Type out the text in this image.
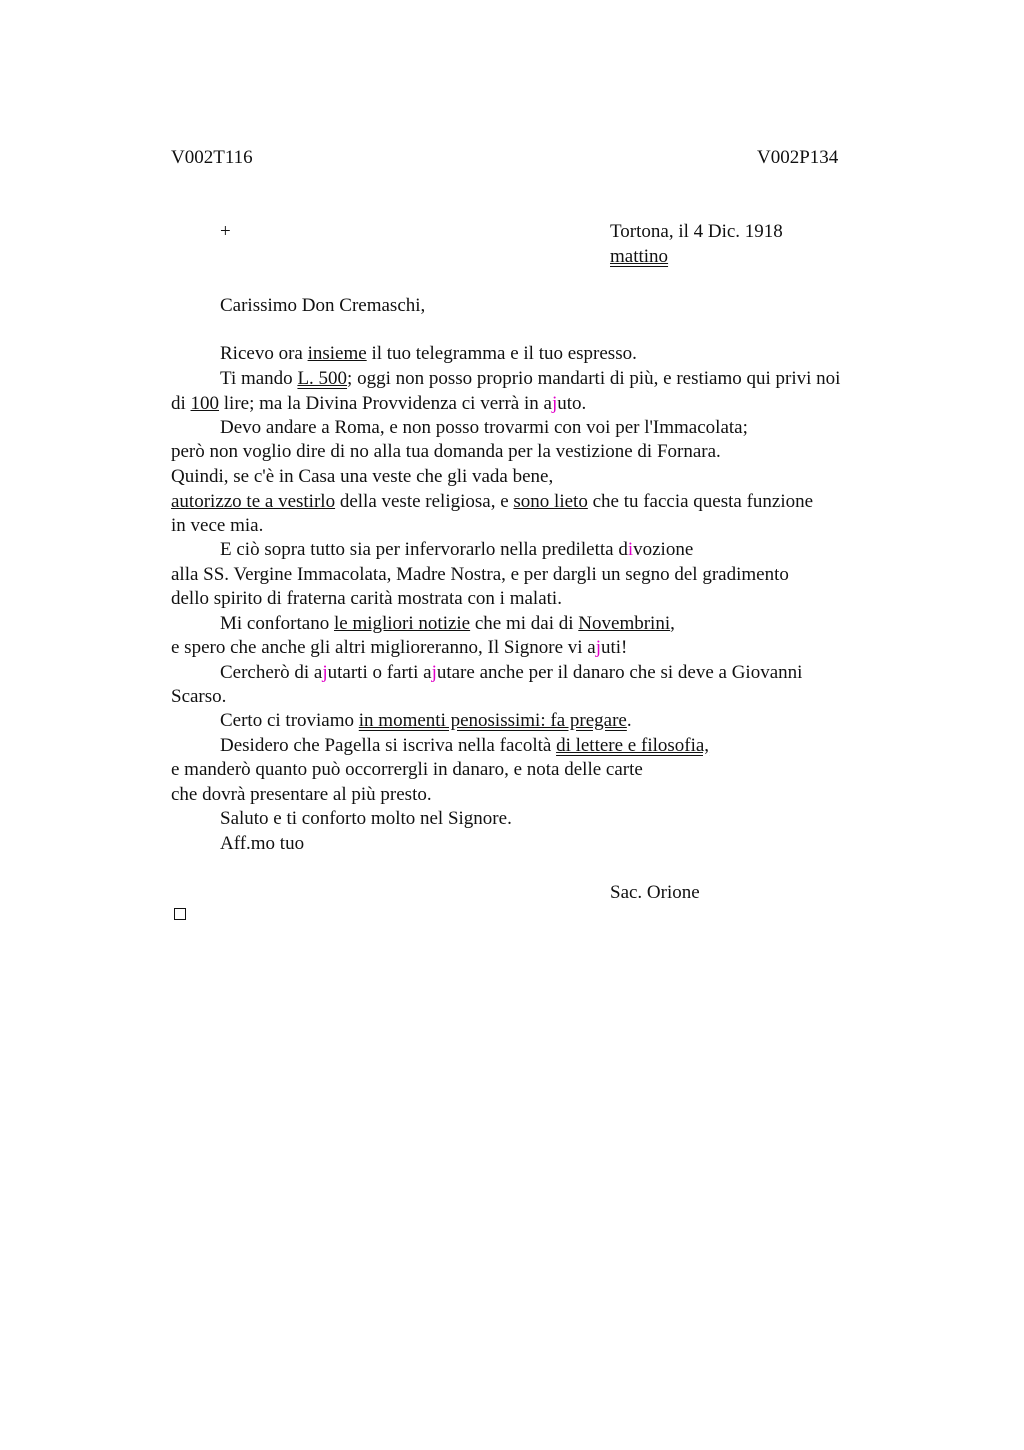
V002T116	V002P134
+	Tortona, il 4 Dic. 1918
mattino
Carissimo Don Cremaschi,
Ricevo ora insieme il tuo telegramma e il tuo espresso.
Ti mando L. 500; oggi non posso proprio mandarti di più, e restiamo qui privi noi
di 100 lire; ma la Divina Provvidenza ci verrà in ajuto.
Devo andare a Roma, e non posso trovarmi con voi per l'Immacolata;
però non voglio dire di no alla tua domanda per la vestizione di Fornara.
Quindi, se c'è in Casa una veste che gli vada bene,
autorizzo te a vestirlo della veste religiosa, e sono lieto che tu faccia questa funzione
in vece mia.
E ciò sopra tutto sia per infervorarlo nella prediletta divozione
alla SS. Vergine Immacolata, Madre Nostra, e per dargli un segno del gradimento
dello spirito di fraterna carità mostrata con i malati.
Mi confortano le migliori notizie che mi dai di Novembrini,
e spero che anche gli altri miglioreranno, Il Signore vi ajuti!
Cercherò di ajutarti o farti ajutare anche per il danaro che si deve a Giovanni
Scarso.
Certo ci troviamo in momenti penosissimi: fa pregare.
Desidero che Pagella si iscriva nella facoltà di lettere e filosofia,
e manderò quanto può occorrergli in danaro, e nota delle carte
che dovrà presentare al più presto.
Saluto e ti conforto molto nel Signore.
Aff.mo tuo
Sac. Orione
